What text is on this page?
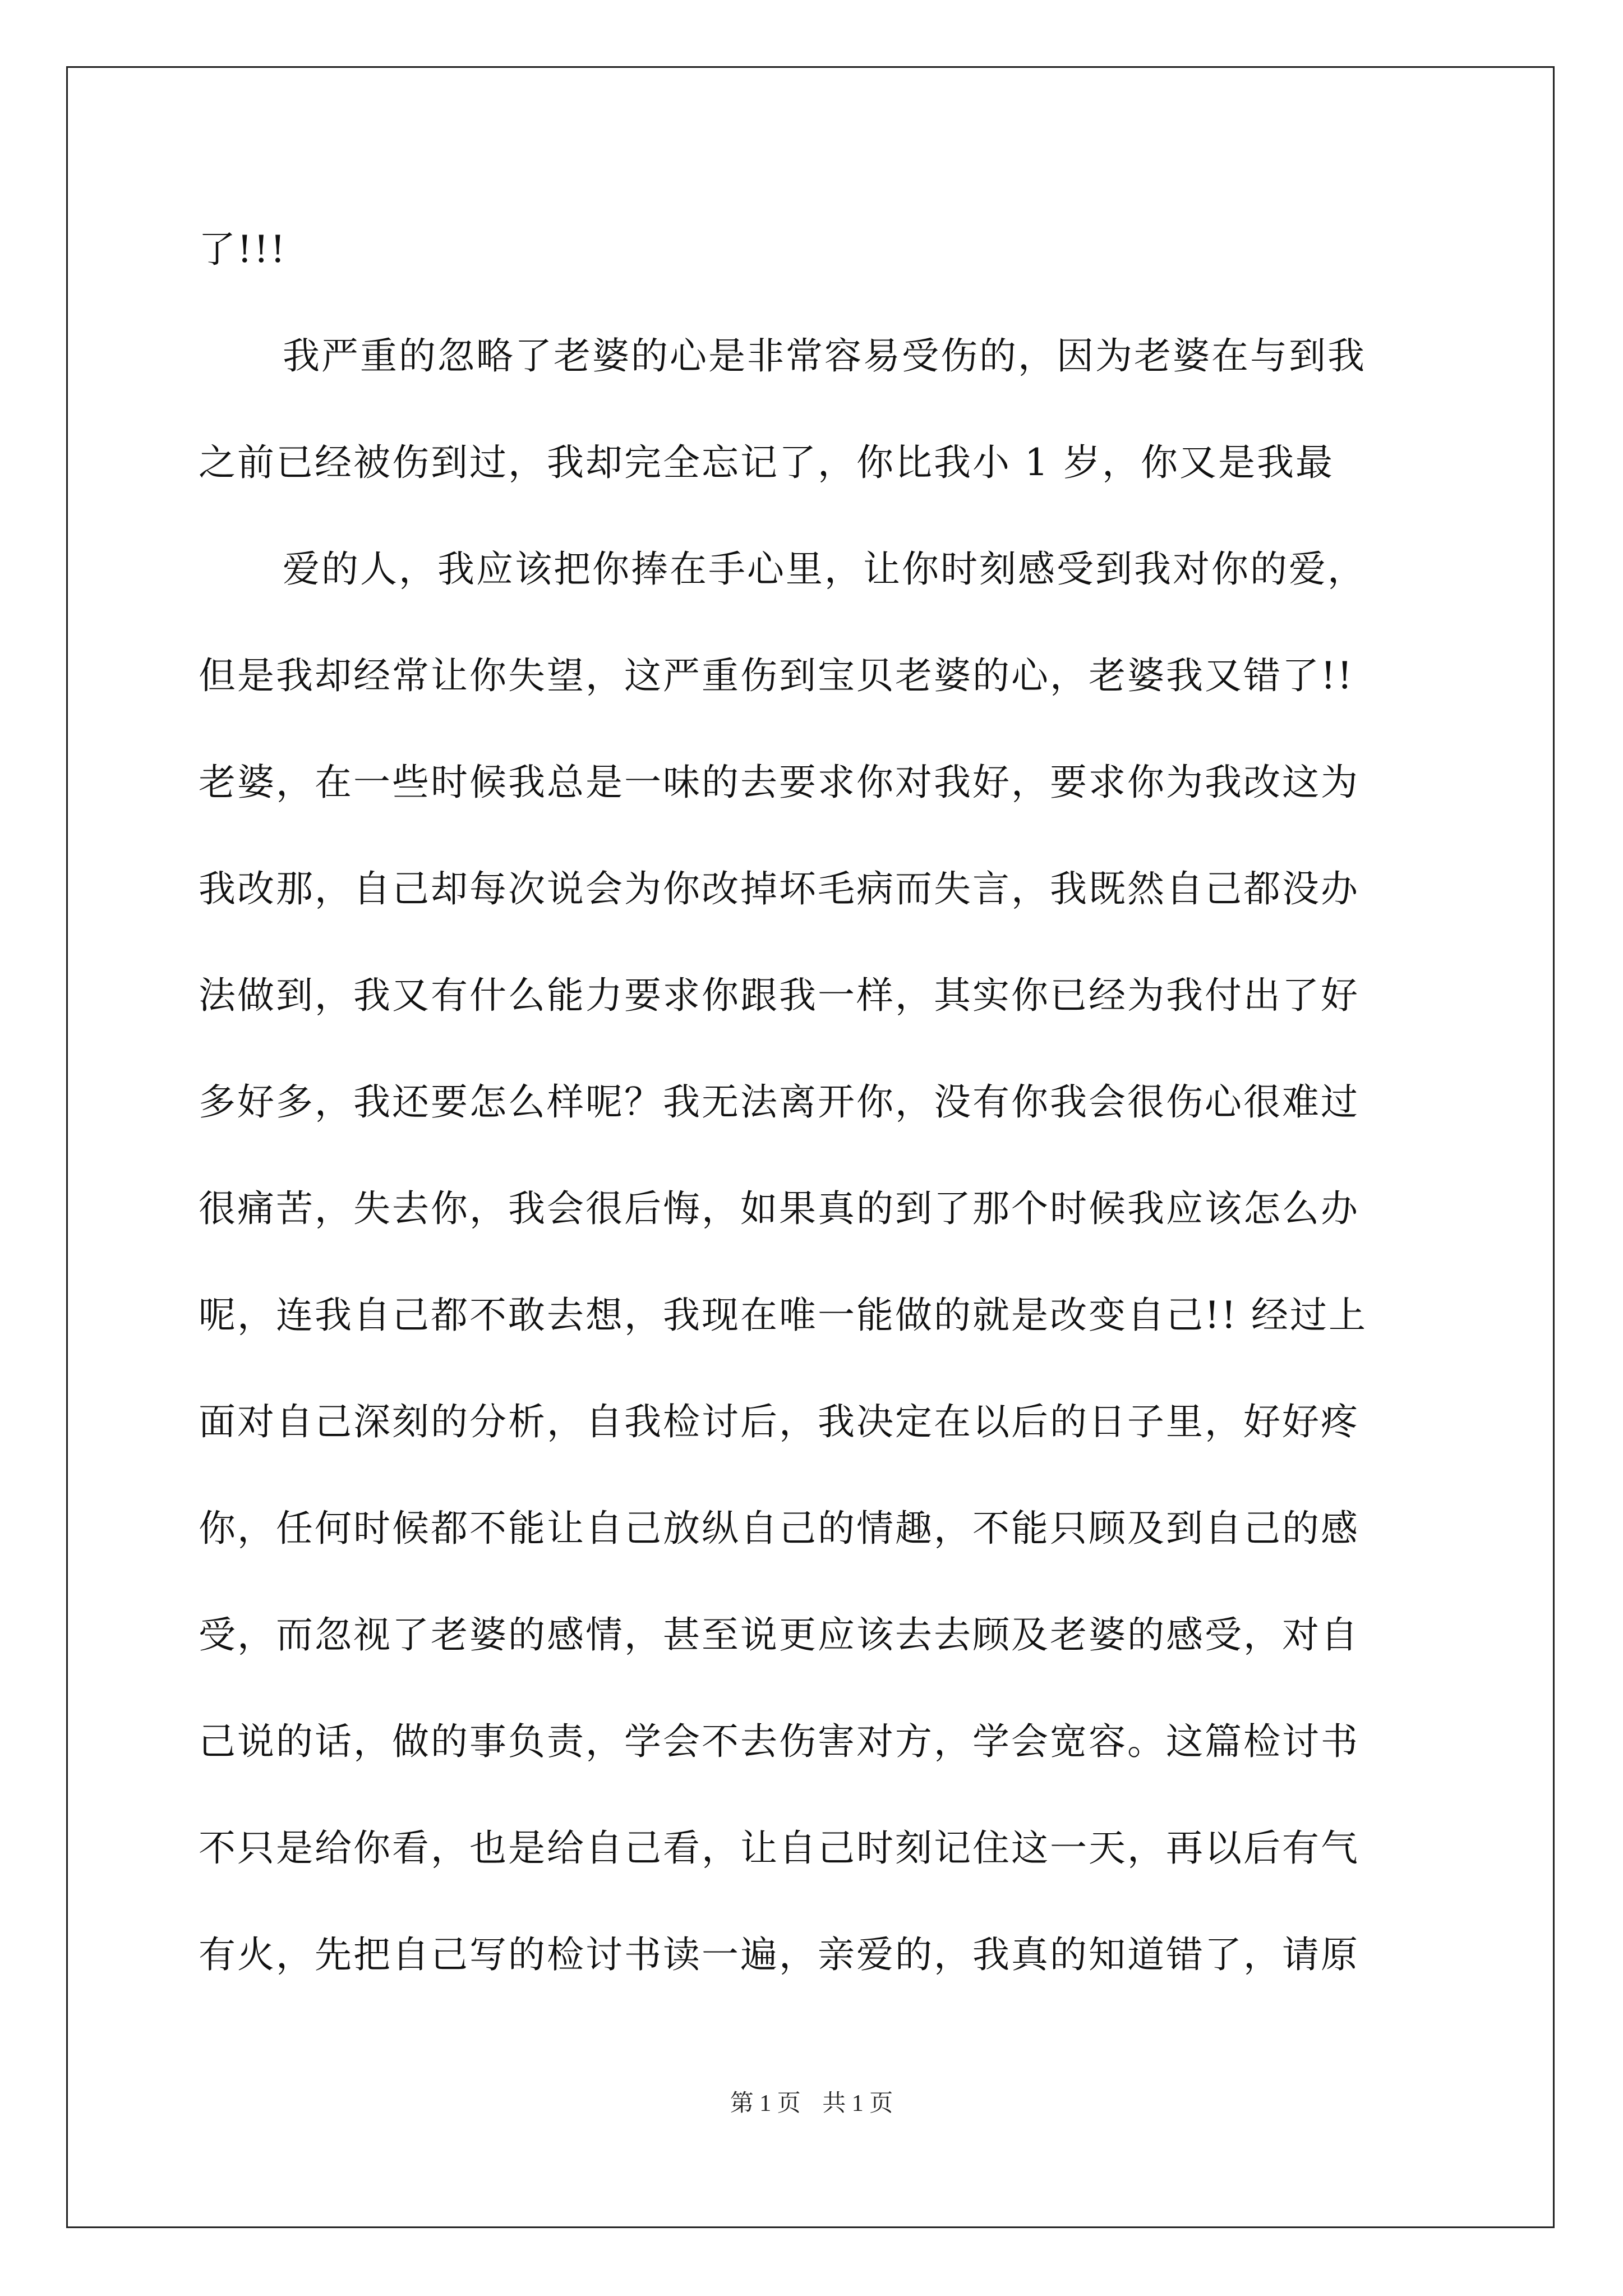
了!!!
我严重的忽略了老婆的心是非常容易受伤的，因为老婆在与到我
之前已经被伤到过，我却完全忘记了，你比我小 1 岁，你又是我最
爱的人，我应该把你捧在手心里，让你时刻感受到我对你的爱，
但是我却经常让你失望，这严重伤到宝贝老婆的心，老婆我又错了!!
老婆，在一些时候我总是一味的去要求你对我好，要求你为我改这为
我改那，自己却每次说会为你改掉坏毛病而失言，我既然自己都没办
法做到，我又有什么能力要求你跟我一样，其实你已经为我付出了好
多好多，我还要怎么样呢？我无法离开你，没有你我会很伤心很难过
很痛苦，失去你，我会很后悔，如果真的到了那个时候我应该怎么办
呢，连我自己都不敢去想，我现在唯一能做的就是改变自己!! 经过上
面对自己深刻的分析，自我检讨后，我决定在以后的日子里，好好疼
你，任何时候都不能让自己放纵自己的情趣，不能只顾及到自己的感
受，而忽视了老婆的感情，甚至说更应该去去顾及老婆的感受，对自
己说的话，做的事负责，学会不去伤害对方，学会宽容。这篇检讨书
不只是给你看，也是给自己看，让自己时刻记住这一天，再以后有气
有火，先把自己写的检讨书读一遍，亲爱的，我真的知道错了，请原
第 1 页 共 1 页
